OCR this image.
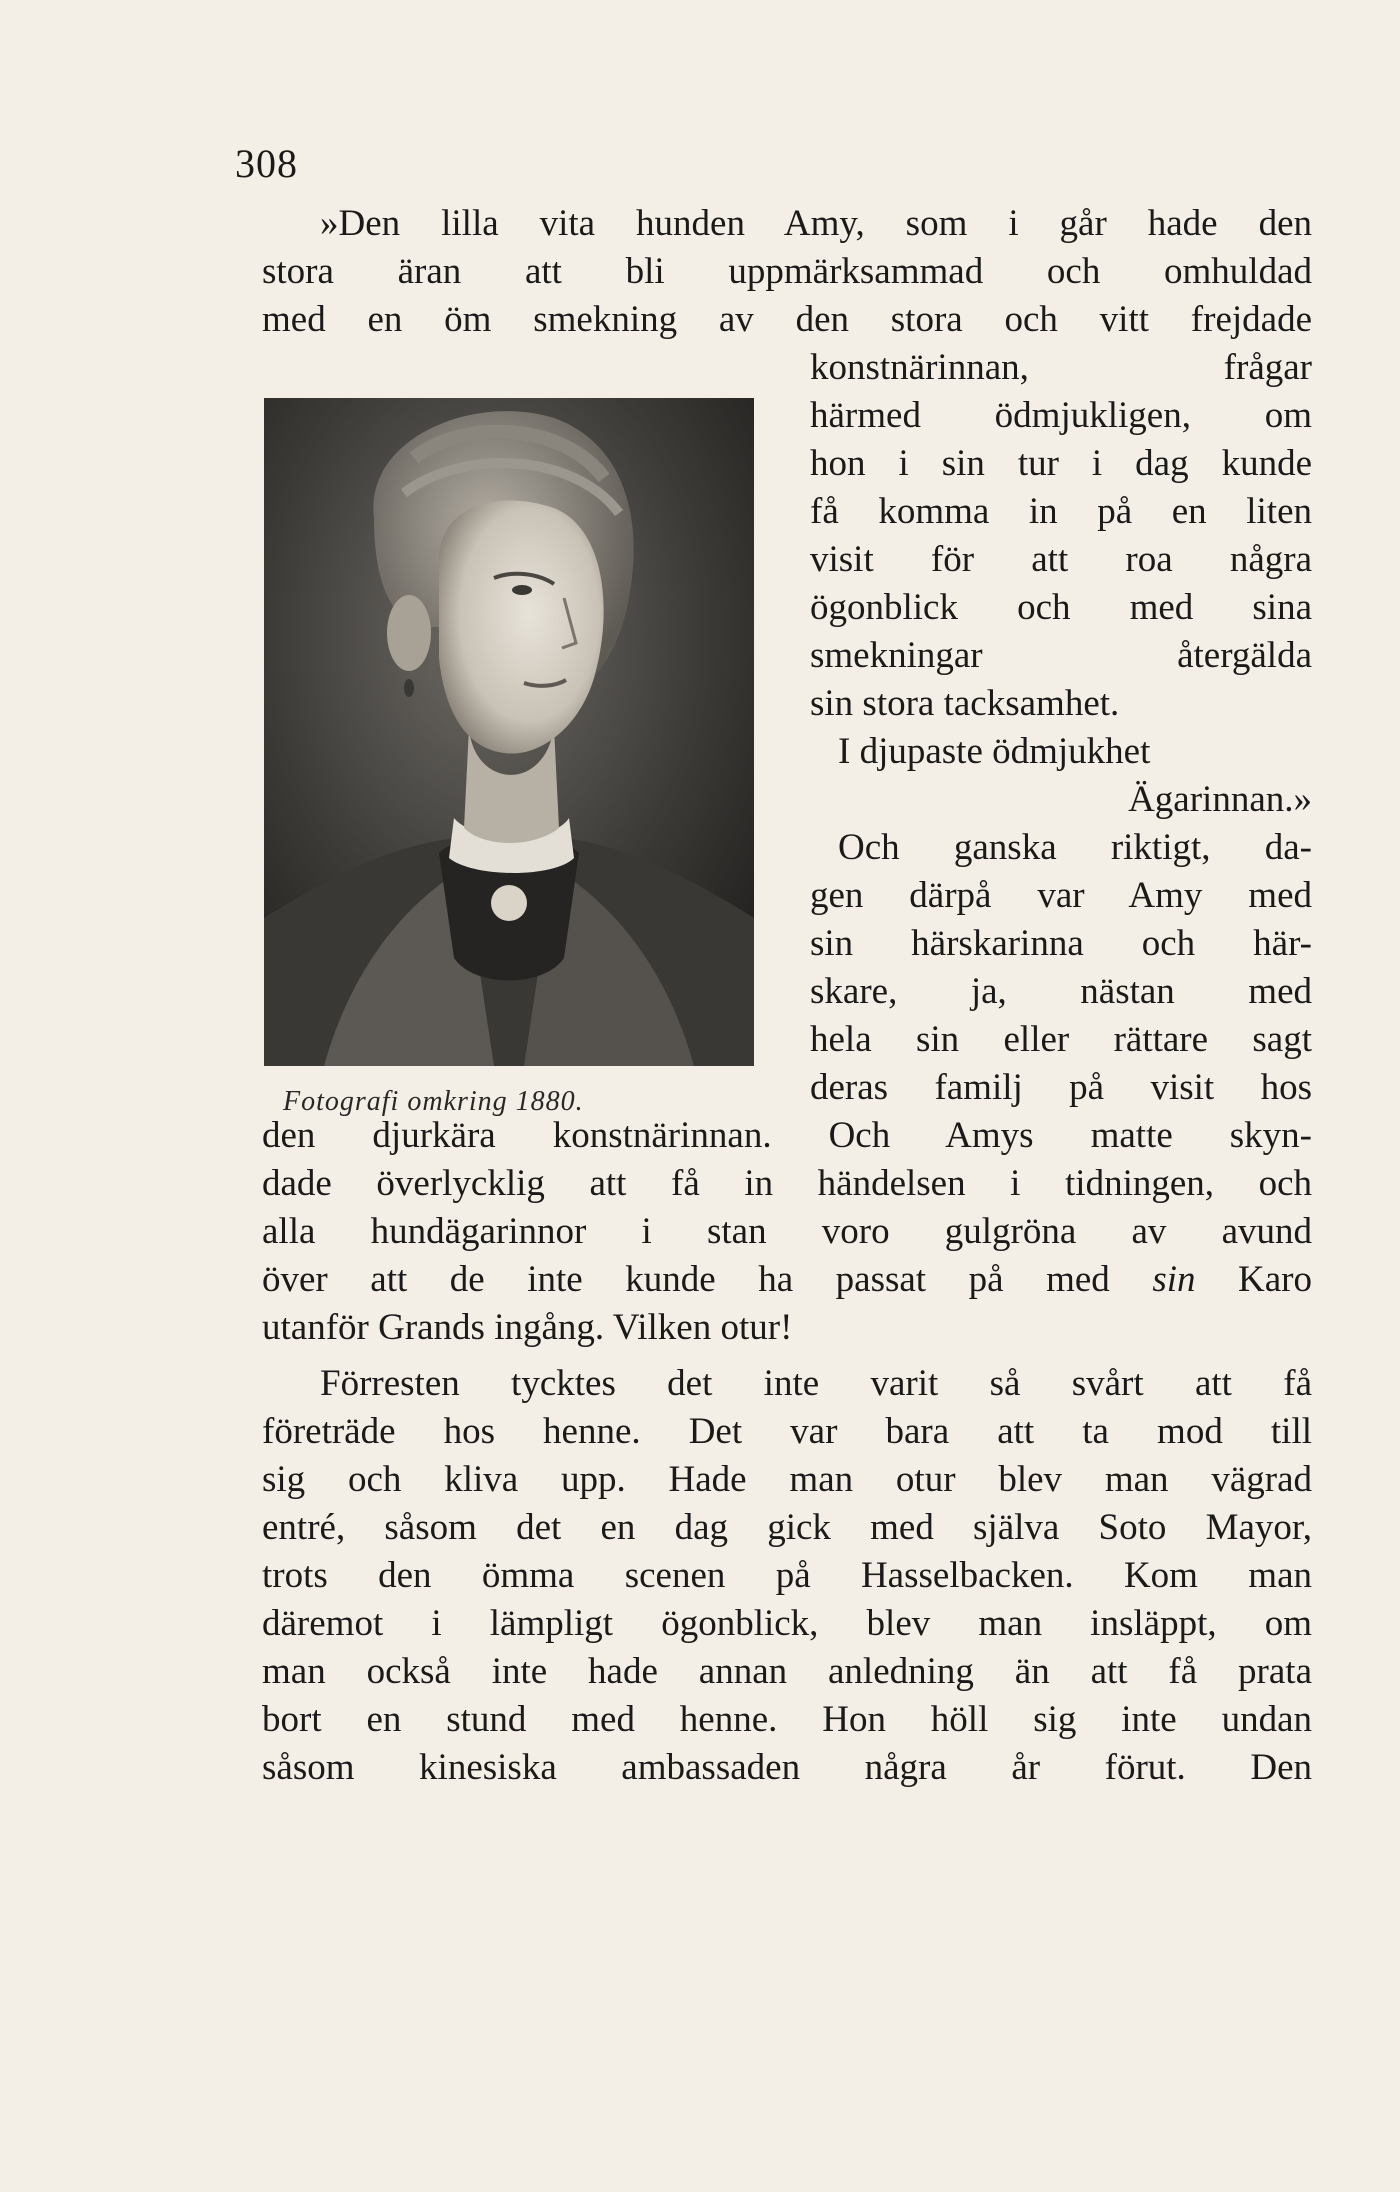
308
»Den lilla vita hunden Amy, som i går hade den
stora äran att bli uppmärksammad och omhuldad
med en öm smekning av den stora och vitt frejdade
konstnärinnan, frågar
härmed ödmjukligen, om
hon i sin tur i dag kunde
få komma in på en liten
visit för att roa några
ögonblick och med sina
smekningar återgälda
sin stora tacksamhet.
I djupaste ödmjukhet
Ägarinnan.»
Och ganska riktigt, da-
gen därpå var Amy med
sin härskarinna och här-
skare, ja, nästan med
hela sin eller rättare sagt
deras familj på visit hos
Fotografi omkring 1880.
den djurkära konstnärinnan. Och Amys matte skyn-
dade överlycklig att få in händelsen i tidningen, och
alla hundägarinnor i stan voro gulgröna av avund
över att de inte kunde ha passat på med sin Karo
utanför Grands ingång. Vilken otur!
Förresten tycktes det inte varit så svårt att få
företräde hos henne. Det var bara att ta mod till
sig och kliva upp. Hade man otur blev man vägrad
entré, såsom det en dag gick med själva Soto Mayor,
trots den ömma scenen på Hasselbacken. Kom man
däremot i lämpligt ögonblick, blev man insläppt, om
man också inte hade annan anledning än att få prata
bort en stund med henne. Hon höll sig inte undan
såsom kinesiska ambassaden några år förut. Den
